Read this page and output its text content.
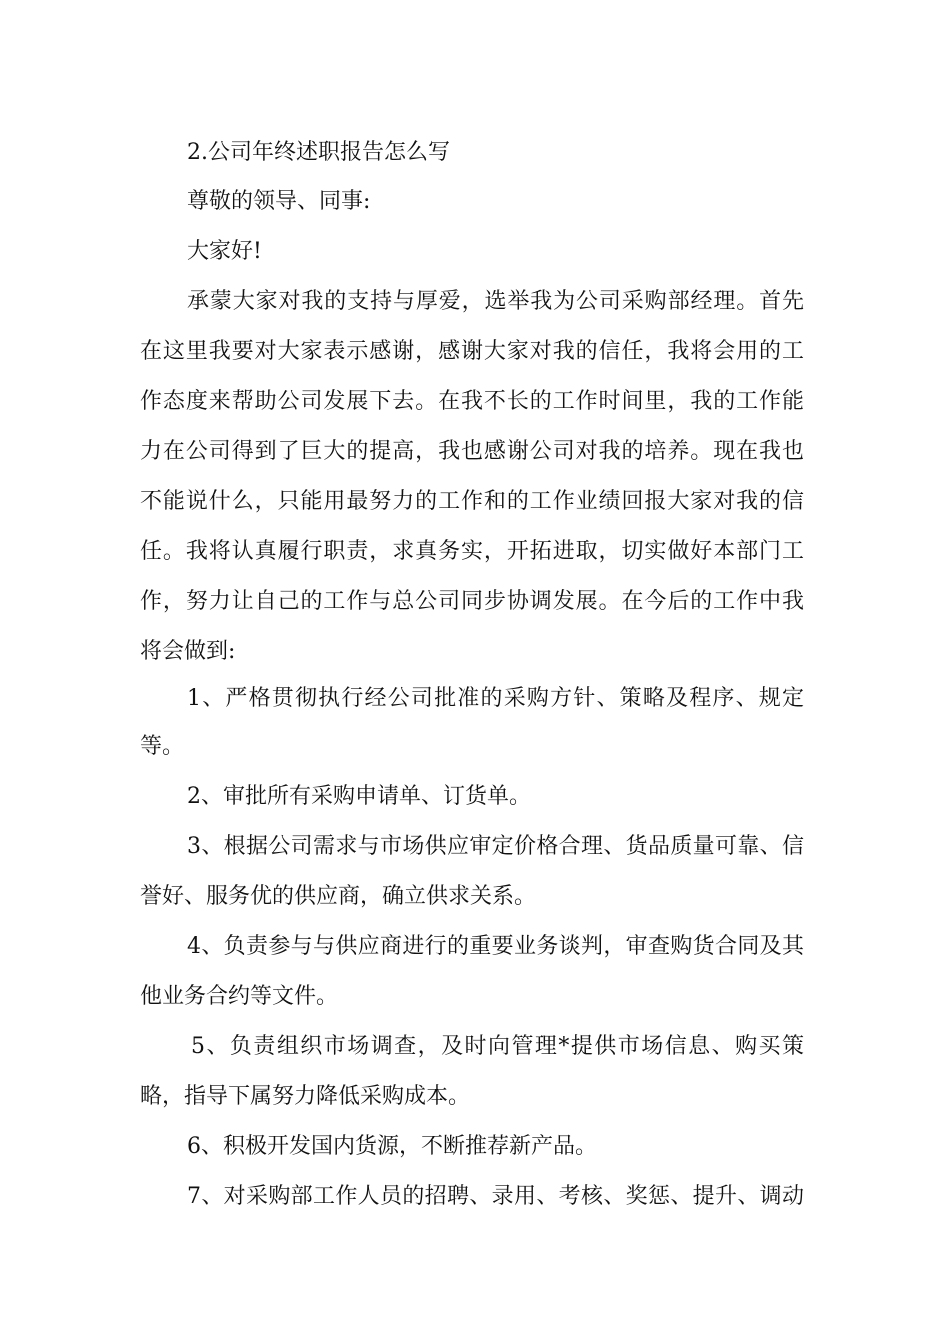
2.公司年终述职报告怎么写
尊敬的领导、同事:
大家好!
承蒙大家对我的支持与厚爱，选举我为公司采购部经理。首先
在这里我要对大家表示感谢，感谢大家对我的信任，我将会用的工
作态度来帮助公司发展下去。在我不长的工作时间里，我的工作能
力在公司得到了巨大的提高，我也感谢公司对我的培养。现在我也
不能说什么，只能用最努力的工作和的工作业绩回报大家对我的信
任。我将认真履行职责，求真务实，开拓进取，切实做好本部门工
作，努力让自己的工作与总公司同步协调发展。在今后的工作中我
将会做到:
1、严格贯彻执行经公司批准的采购方针、策略及程序、规定
等。
2、审批所有采购申请单、订货单。
3、根据公司需求与市场供应审定价格合理、货品质量可靠、信
誉好、服务优的供应商，确立供求关系。
4、负责参与与供应商进行的重要业务谈判，审查购货合同及其
他业务合约等文件。
5、负责组织市场调查，及时向管理*提供市场信息、购买策
略，指导下属努力降低采购成本。
6、积极开发国内货源，不断推荐新产品。
7、对采购部工作人员的招聘、录用、考核、奖惩、提升、调动
